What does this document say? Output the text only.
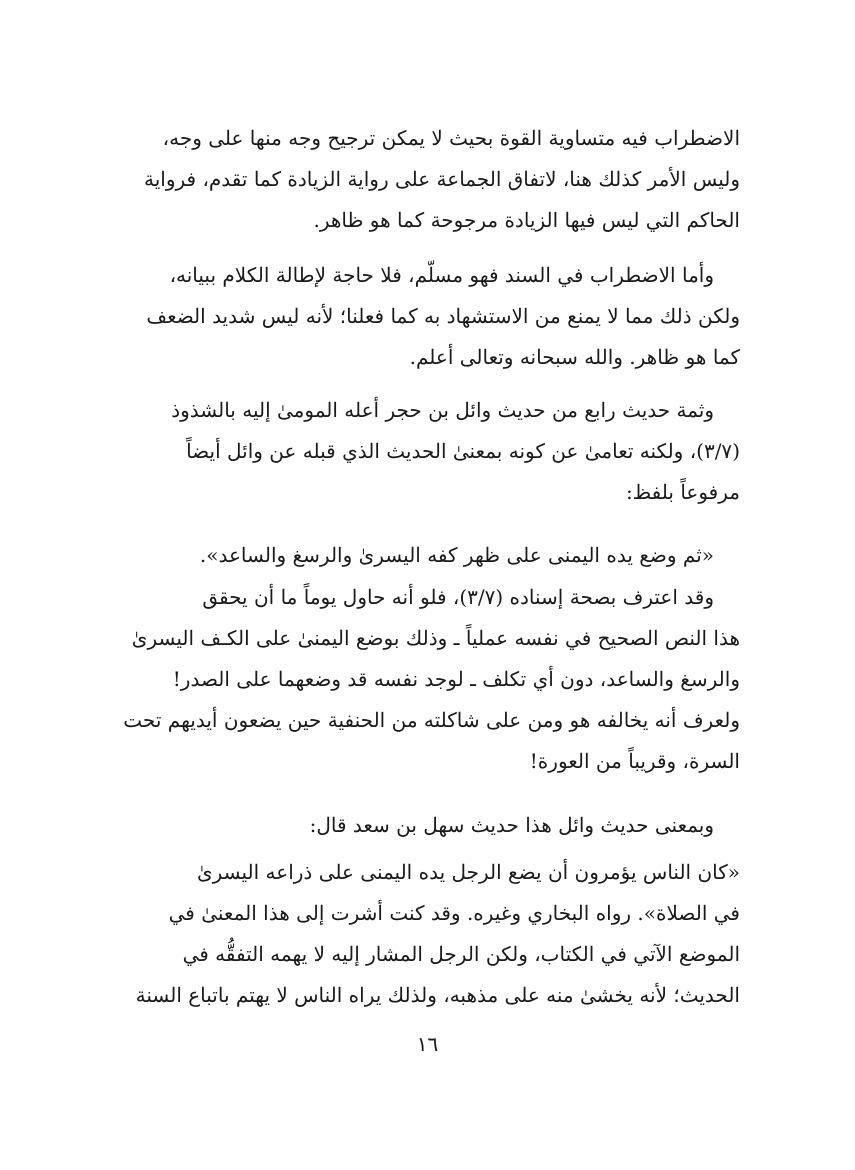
الاضطراب فيه متساوية القوة بحيث لا يمكن ترجيح وجه منها على وجه،
وليس الأمر كذلك هنا، لاتفاق الجماعة على رواية الزيادة كما تقدم، فرواية
الحاكم التي ليس فيها الزيادة مرجوحة كما هو ظاهر.
وأما الاضطراب في السند فهو مسلّم، فلا حاجة لإطالة الكلام ببيانه،
ولكن ذلك مما لا يمنع من الاستشهاد به كما فعلنا؛ لأنه ليس شديد الضعف
كما هو ظاهر. والله سبحانه وتعالى أعلم.
وثمة حديث رابع من حديث وائل بن حجر أعله المومىٰ إليه بالشذوذ
(٣/٧)، ولكنه تعامىٰ عن كونه بمعنىٰ الحديث الذي قبله عن وائل أيضاً
مرفوعاً بلفظ:
«ثم وضع يده اليمنى على ظهر كفه اليسرىٰ والرسغ والساعد».
وقد اعترف بصحة إسناده (٣/٧)، فلو أنه حاول يوماً ما أن يحقق
هذا النص الصحيح في نفسه عملياً ـ وذلك بوضع اليمنىٰ على الكـف اليسرىٰ
والرسغ والساعد، دون أي تكلف ـ لوجد نفسه قد وضعهما على الصدر!
ولعرف أنه يخالفه هو ومن على شاكلته من الحنفية حين يضعون أيديهم تحت
السرة، وقريباً من العورة!
وبمعنى حديث وائل هذا حديث سهل بن سعد قال:
«كان الناس يؤمرون أن يضع الرجل يده اليمنى على ذراعه اليسرىٰ
في الصلاة». رواه البخاري وغيره. وقد كنت أشرت إلى هذا المعنىٰ في
الموضع الآتي في الكتاب، ولكن الرجل المشار إليه لا يهمه التفقُّه في
الحديث؛ لأنه يخشىٰ منه على مذهبه، ولذلك يراه الناس لا يهتم باتباع السنة
١٦
